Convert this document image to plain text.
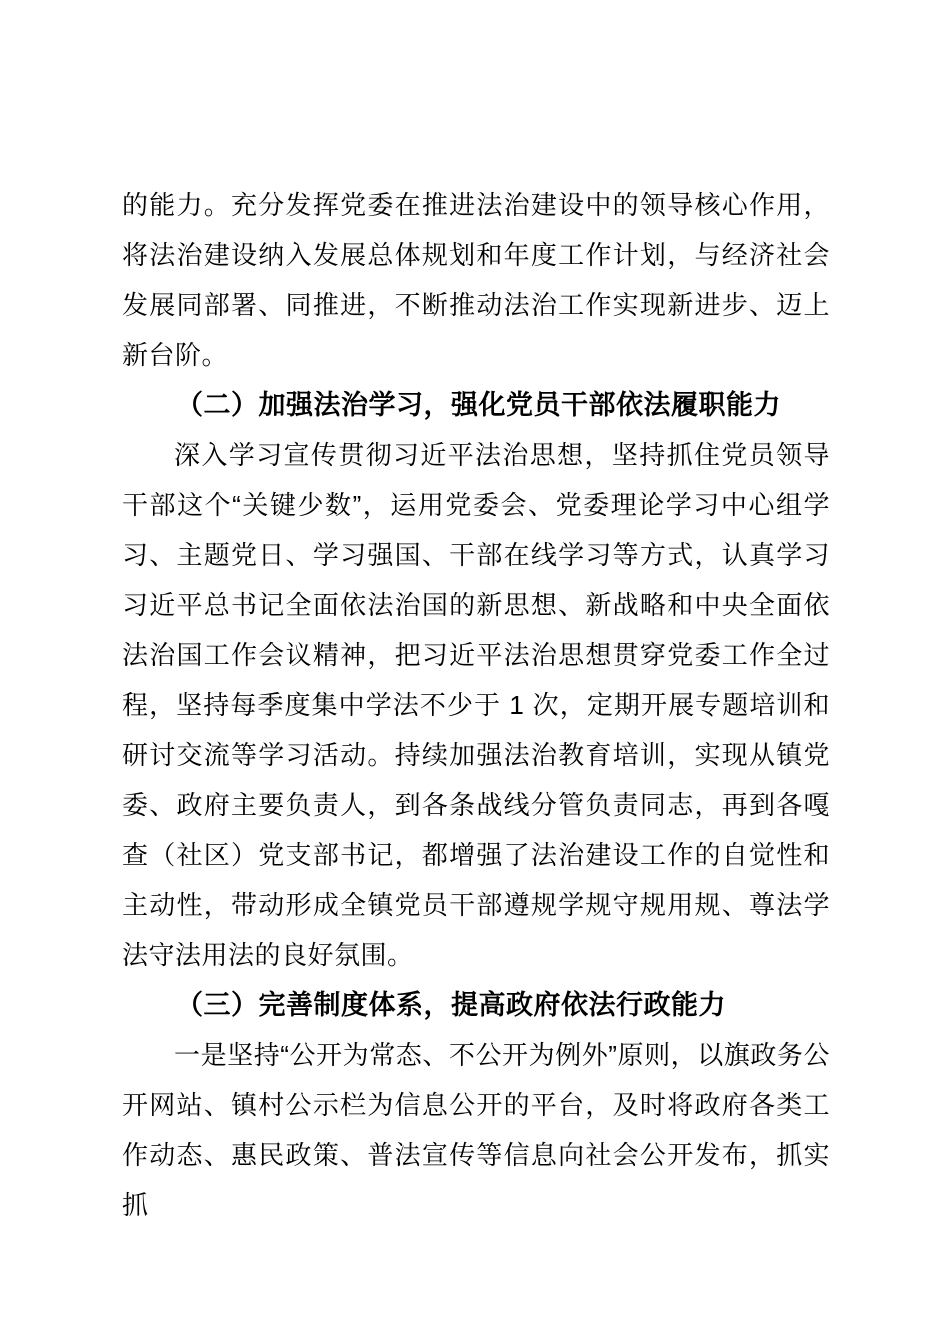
的能力。充分发挥党委在推进法治建设中的领导核心作用，将法治建设纳入发展总体规划和年度工作计划，与经济社会发展同部署、同推进，不断推动法治工作实现新进步、迈上新台阶。
（二）加强法治学习，强化党员干部依法履职能力
深入学习宣传贯彻习近平法治思想，坚持抓住党员领导干部这个“关键少数”，运用党委会、党委理论学习中心组学习、主题党日、学习强国、干部在线学习等方式，认真学习习近平总书记全面依法治国的新思想、新战略和中央全面依法治国工作会议精神，把习近平法治思想贯穿党委工作全过程，坚持每季度集中学法不少于 1 次，定期开展专题培训和研讨交流等学习活动。持续加强法治教育培训，实现从镇党委、政府主要负责人，到各条战线分管负责同志，再到各嘎查（社区）党支部书记，都增强了法治建设工作的自觉性和主动性，带动形成全镇党员干部遵规学规守规用规、尊法学法守法用法的良好氛围。
（三）完善制度体系，提高政府依法行政能力
一是坚持“公开为常态、不公开为例外”原则，以旗政务公开网站、镇村公示栏为信息公开的平台，及时将政府各类工作动态、惠民政策、普法宣传等信息向社会公开发布，抓实抓
